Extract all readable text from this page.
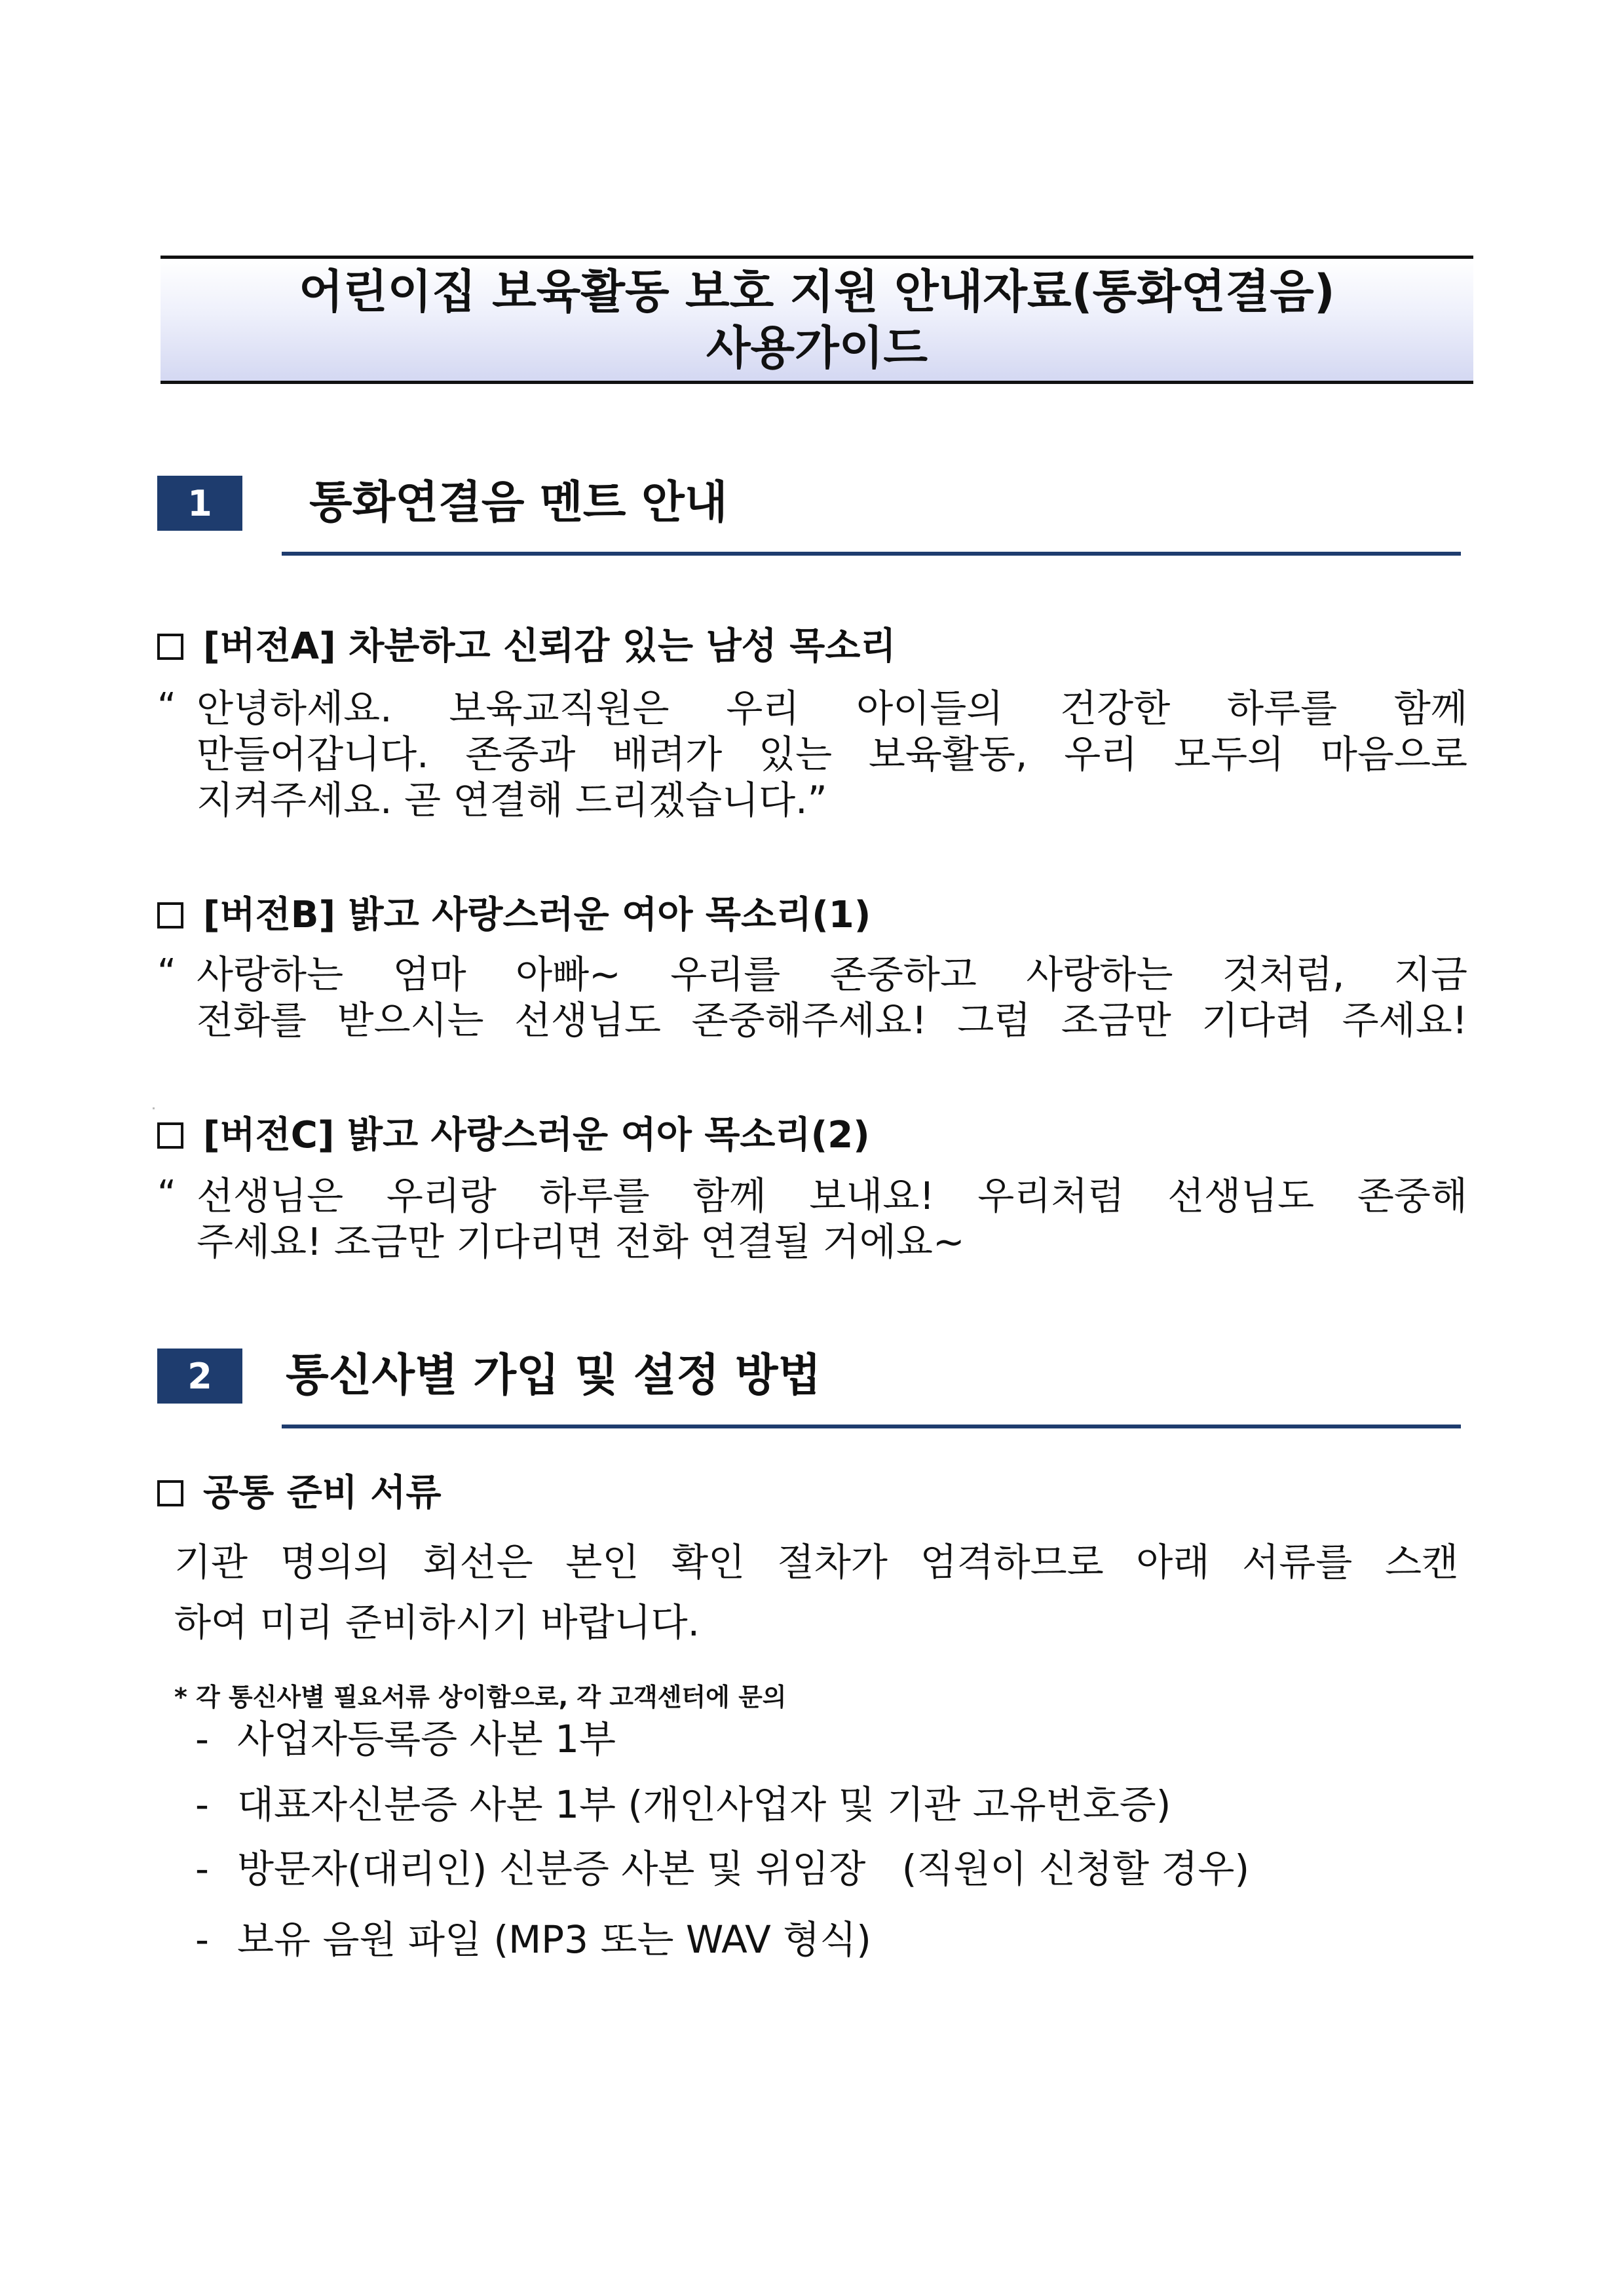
어린이집 보육활동 보호 지원 안내자료(통화연결음)
사용가이드
1	통화연결음 멘트 안내
[버전A] 차분하고 신뢰감 있는 남성 목소리
“ 안녕하세요. 보육교직원은 우리 아이들의 건강한 하루를 함께
만들어갑니다. 존중과 배려가 있는 보육활동, 우리 모두의 마음으로
지켜주세요. 곧 연결해 드리겠습니다.”
[버전B] 밝고 사랑스러운 여아 목소리(1)
“ 사랑하는 엄마 아빠~ 우리를 존중하고 사랑하는 것처럼, 지금
전화를 받으시는 선생님도 존중해주세요! 그럼 조금만 기다려 주세요!
[버전C] 밝고 사랑스러운 여아 목소리(2)
“ 선생님은 우리랑 하루를 함께 보내요! 우리처럼 선생님도 존중해
주세요! 조금만 기다리면 전화 연결될 거에요~
2	통신사별 가입 및 설정 방법
공통 준비 서류
기관 명의의 회선은 본인 확인 절차가 엄격하므로 아래 서류를 스캔
하여 미리 준비하시기 바랍니다.
* 각 통신사별 필요서류 상이함으로, 각 고객센터에 문의
- 사업자등록증 사본 1부
- 대표자신분증 사본 1부 (개인사업자 및 기관 고유번호증)
- 방문자(대리인) 신분증 사본 및 위임장   (직원이 신청할 경우)
- 보유 음원 파일 (MP3 또는 WAV 형식)
